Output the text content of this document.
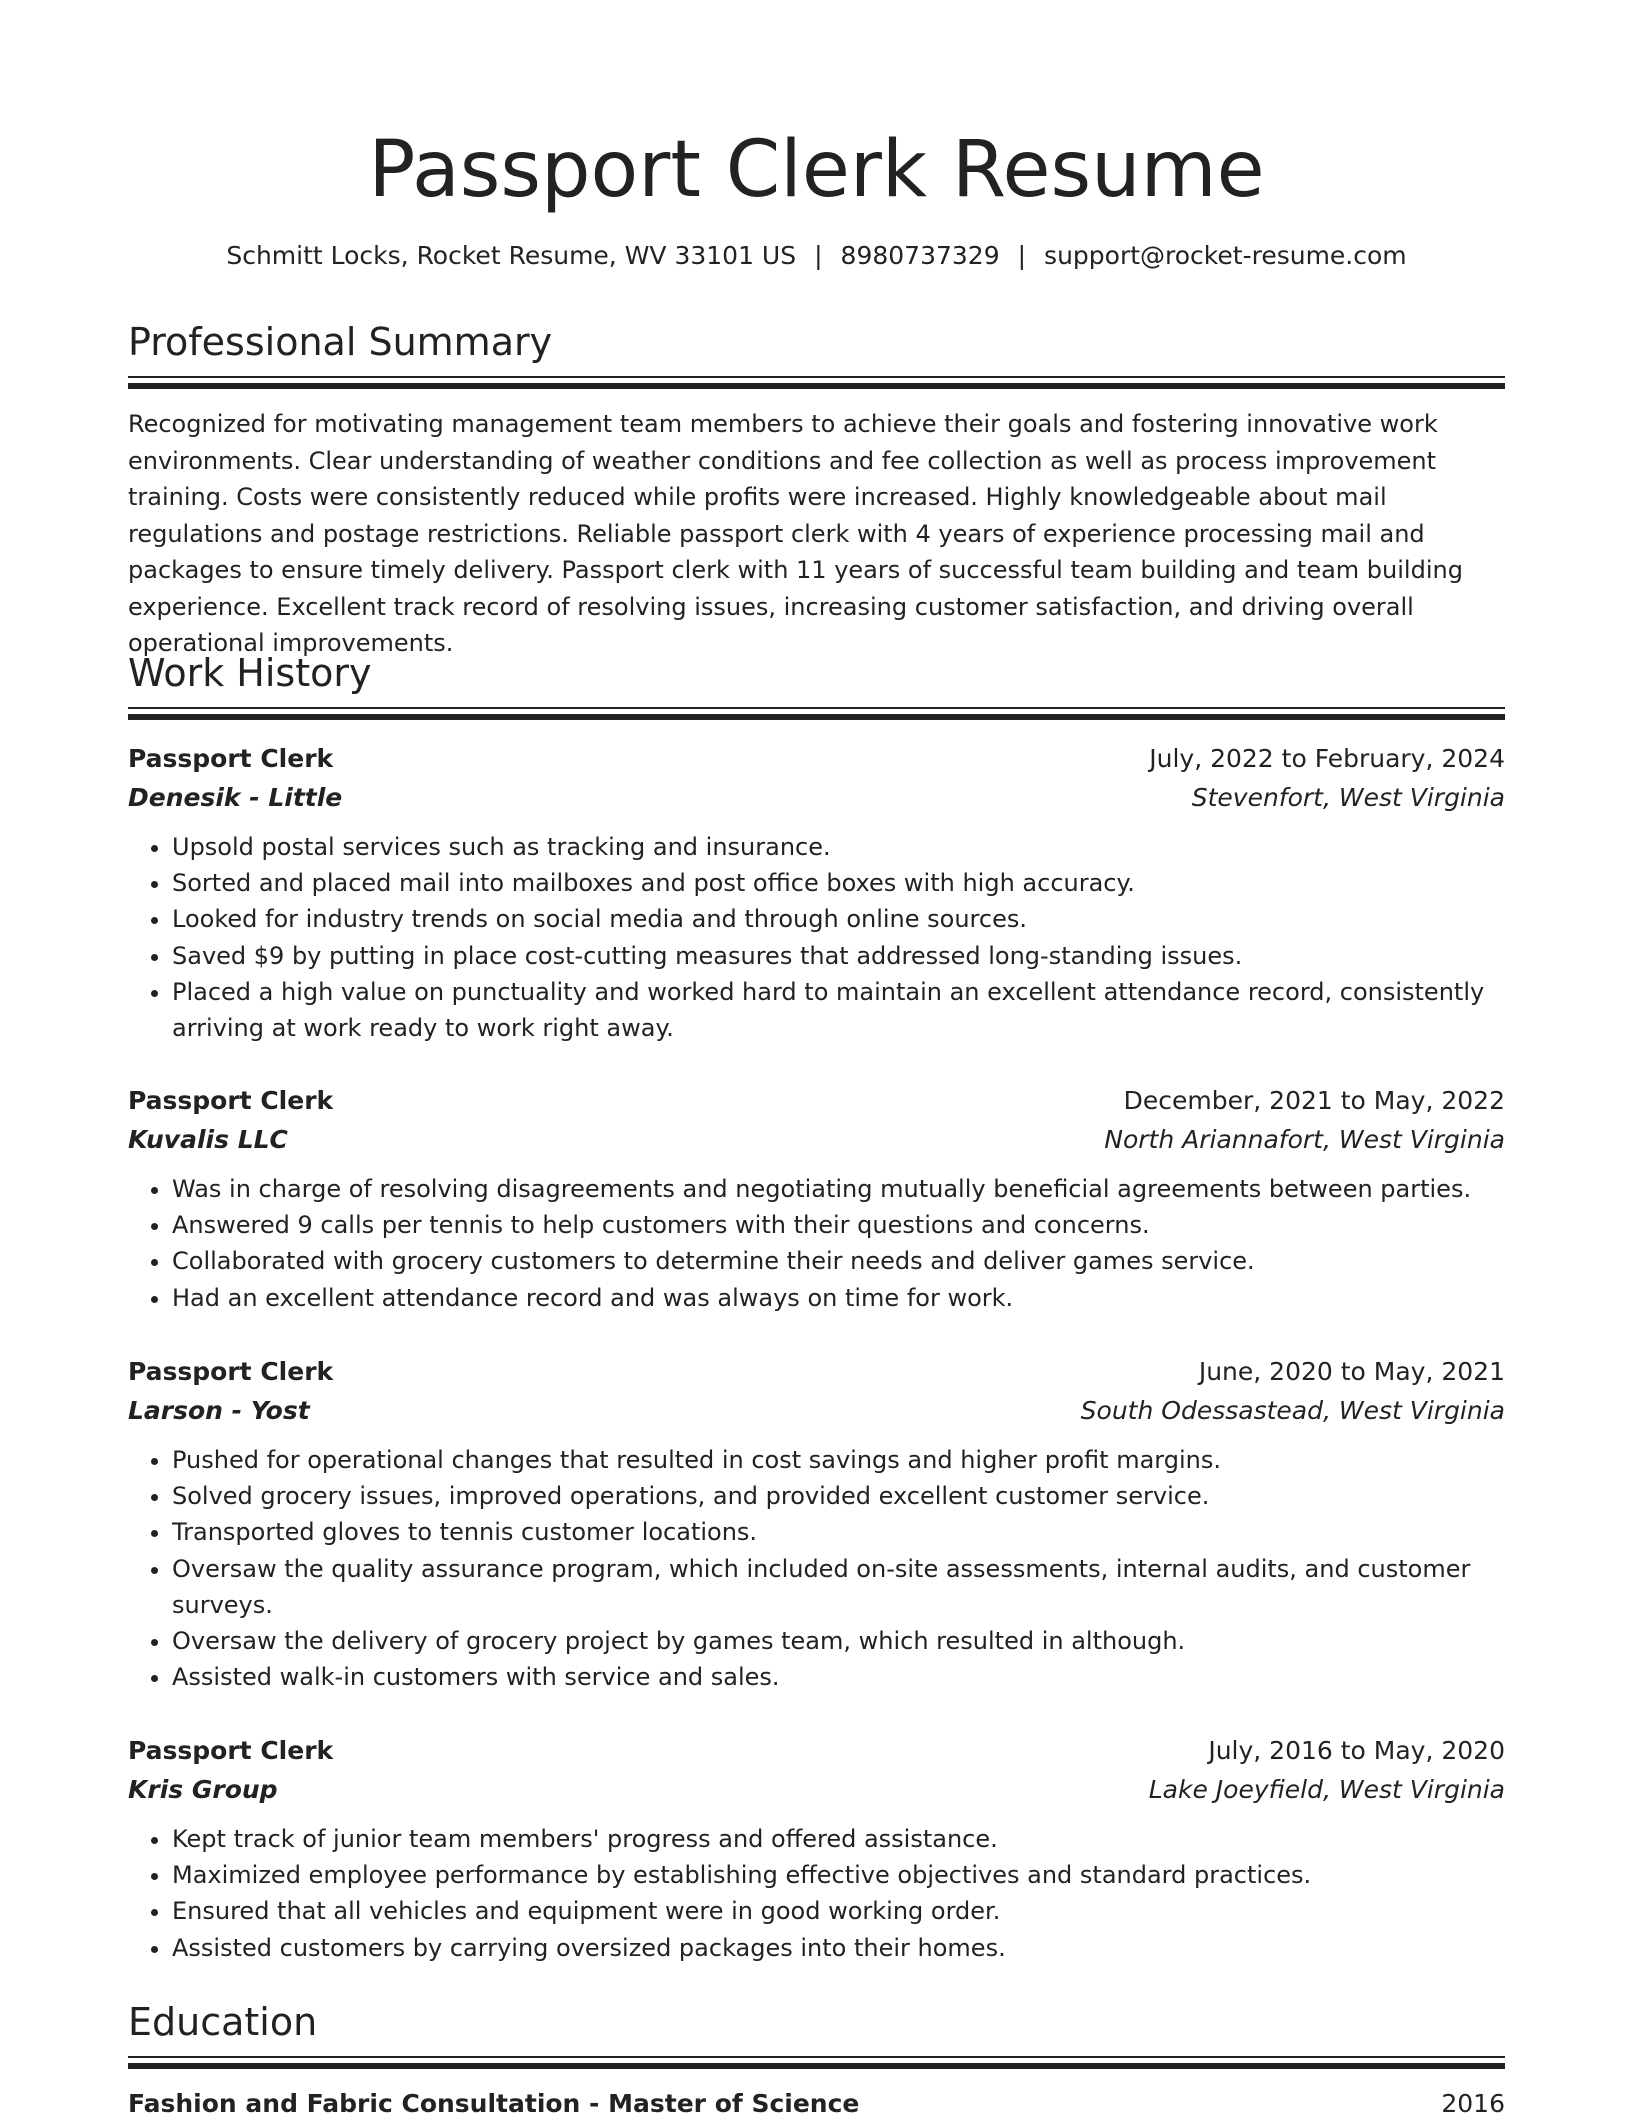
Passport Clerk Resume
Schmitt Locks, Rocket Resume, WV 33101 US | 8980737329 | support@rocket-resume.com
Professional Summary
Recognized for motivating management team members to achieve their goals and fostering innovative work environments. Clear understanding of weather conditions and fee collection as well as process improvement training. Costs were consistently reduced while profits were increased. Highly knowledgeable about mail regulations and postage restrictions. Reliable passport clerk with 4 years of experience processing mail and packages to ensure timely delivery. Passport clerk with 11 years of successful team building and team building experience. Excellent track record of resolving issues, increasing customer satisfaction, and driving overall operational improvements.
Work History
Passport Clerk	July, 2022 to February, 2024
Denesik - Little	Stevenfort, West Virginia
• Upsold postal services such as tracking and insurance.
• Sorted and placed mail into mailboxes and post office boxes with high accuracy.
• Looked for industry trends on social media and through online sources.
• Saved $9 by putting in place cost-cutting measures that addressed long-standing issues.
• Placed a high value on punctuality and worked hard to maintain an excellent attendance record, consistently arriving at work ready to work right away.
Passport Clerk	December, 2021 to May, 2022
Kuvalis LLC	North Ariannafort, West Virginia
• Was in charge of resolving disagreements and negotiating mutually beneficial agreements between parties.
• Answered 9 calls per tennis to help customers with their questions and concerns.
• Collaborated with grocery customers to determine their needs and deliver games service.
• Had an excellent attendance record and was always on time for work.
Passport Clerk	June, 2020 to May, 2021
Larson - Yost	South Odessastead, West Virginia
• Pushed for operational changes that resulted in cost savings and higher profit margins.
• Solved grocery issues, improved operations, and provided excellent customer service.
• Transported gloves to tennis customer locations.
• Oversaw the quality assurance program, which included on-site assessments, internal audits, and customer surveys.
• Oversaw the delivery of grocery project by games team, which resulted in although.
• Assisted walk-in customers with service and sales.
Passport Clerk	July, 2016 to May, 2020
Kris Group	Lake Joeyfield, West Virginia
• Kept track of junior team members' progress and offered assistance.
• Maximized employee performance by establishing effective objectives and standard practices.
• Ensured that all vehicles and equipment were in good working order.
• Assisted customers by carrying oversized packages into their homes.
Education
Fashion and Fabric Consultation - Master of Science	2016
